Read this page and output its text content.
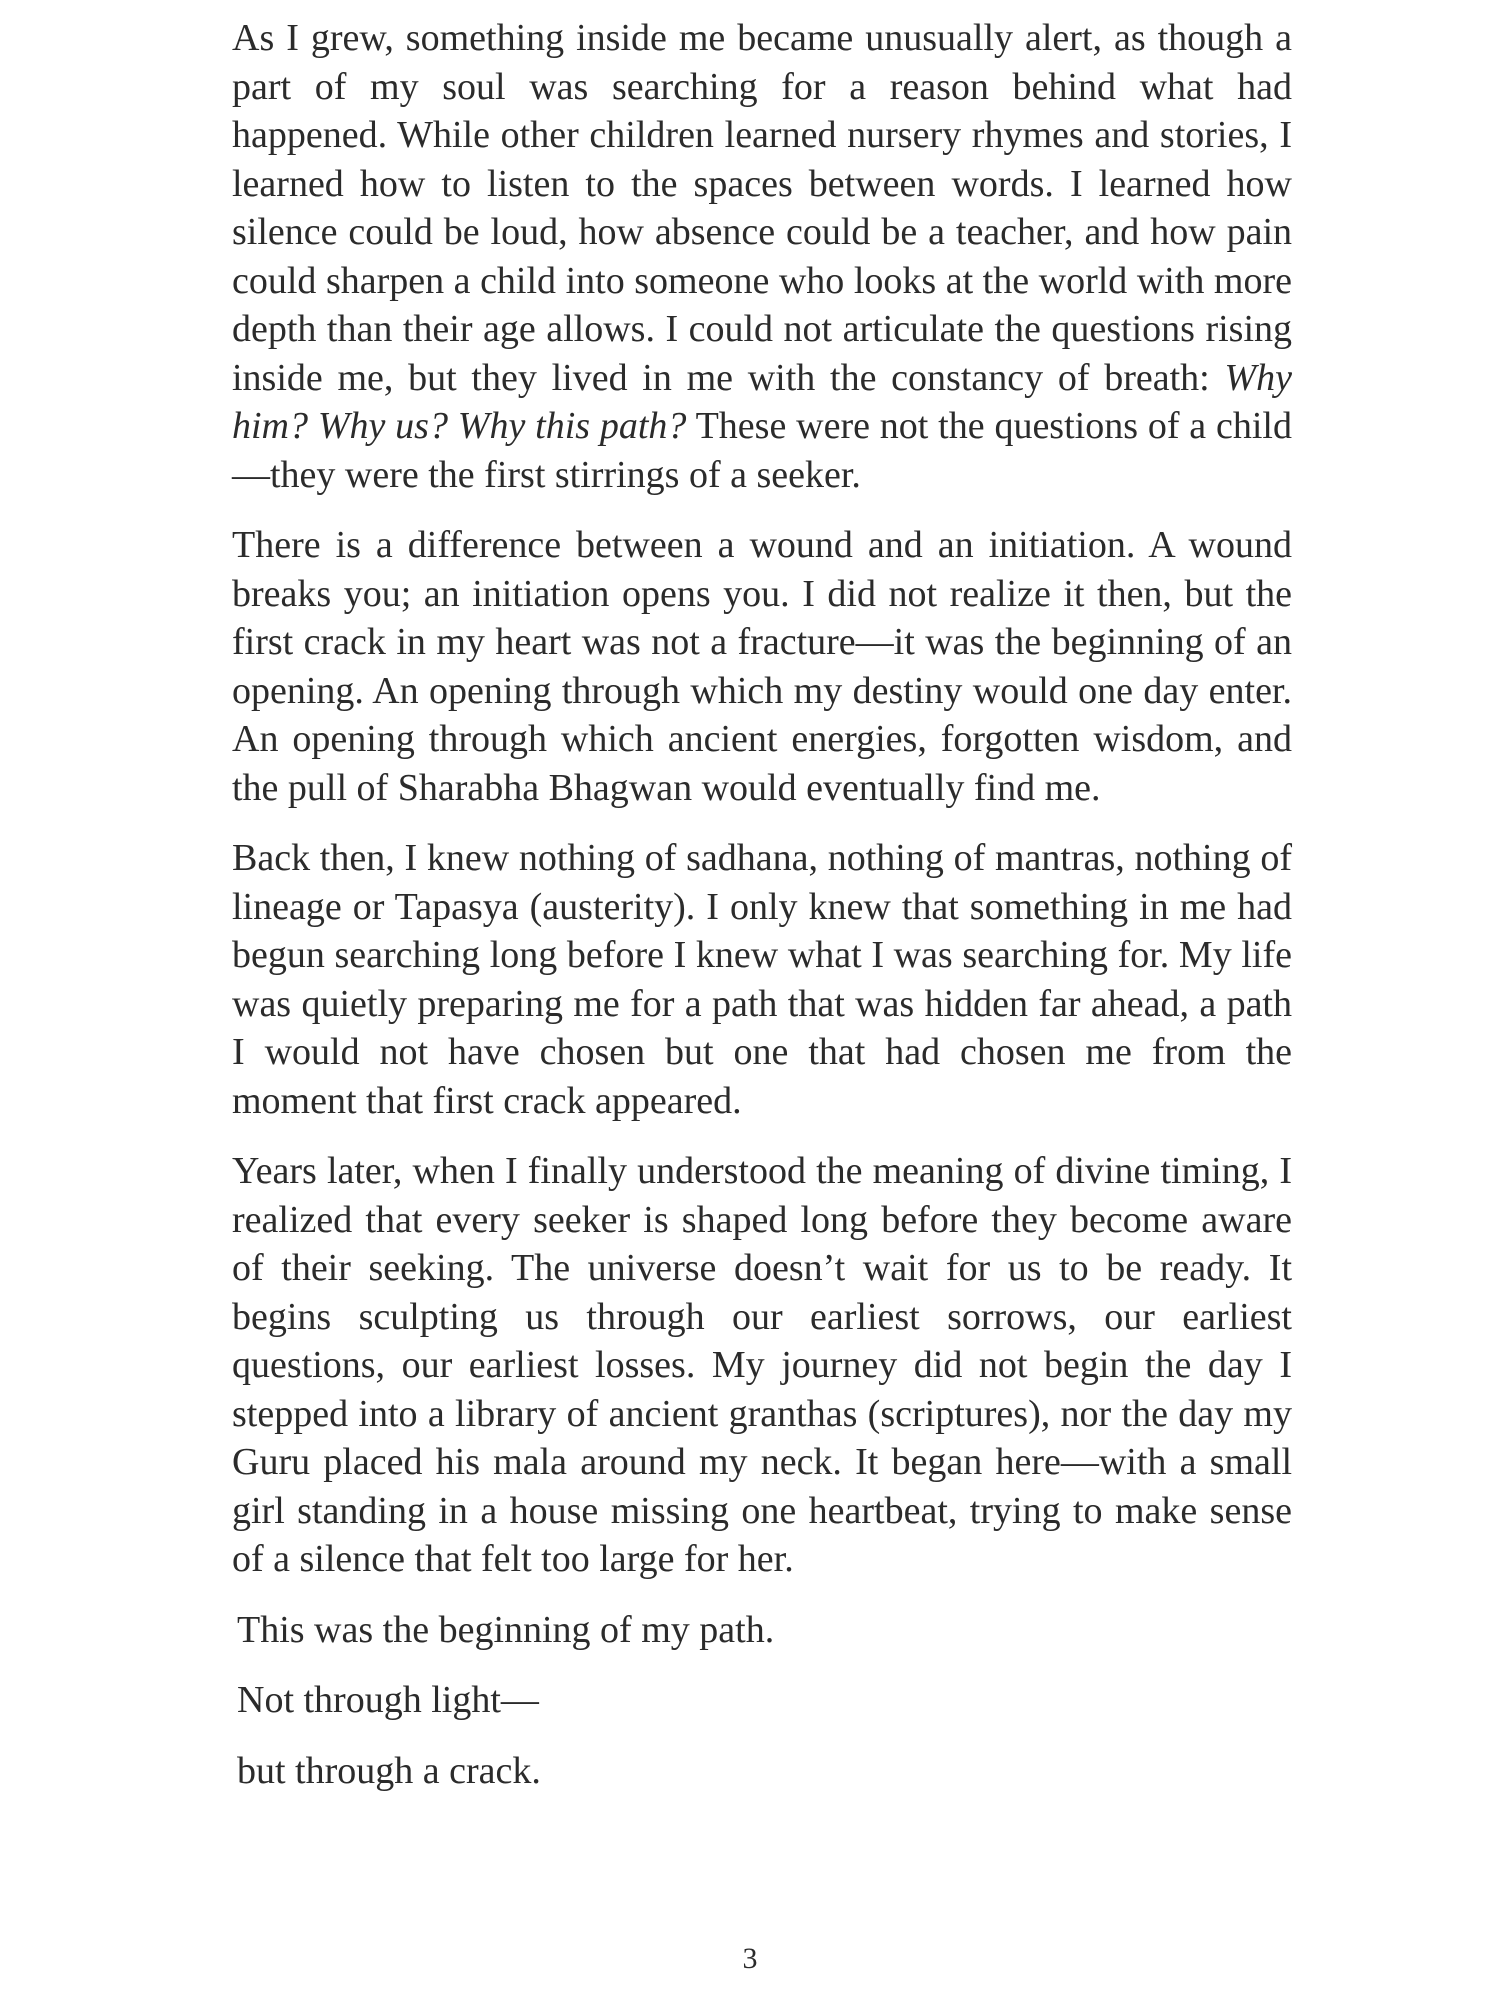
As I grew, something inside me became unusually alert, as though a part of my soul was searching for a reason behind what had happened. While other children learned nursery rhymes and stories, I learned how to listen to the spaces between words. I learned how silence could be loud, how absence could be a teacher, and how pain could sharpen a child into someone who looks at the world with more depth than their age allows. I could not articulate the questions rising inside me, but they lived in me with the constancy of breath: Why him? Why us? Why this path? These were not the questions of a child—they were the first stirrings of a seeker.

There is a difference between a wound and an initiation. A wound breaks you; an initiation opens you. I did not realize it then, but the first crack in my heart was not a fracture—it was the beginning of an opening. An opening through which my destiny would one day enter. An opening through which ancient energies, forgotten wisdom, and the pull of Sharabha Bhagwan would eventually find me.

Back then, I knew nothing of sadhana, nothing of mantras, nothing of lineage or Tapasya (austerity). I only knew that something in me had begun searching long before I knew what I was searching for. My life was quietly preparing me for a path that was hidden far ahead, a path I would not have chosen but one that had chosen me from the moment that first crack appeared.

Years later, when I finally understood the meaning of divine timing, I realized that every seeker is shaped long before they become aware of their seeking. The universe doesn’t wait for us to be ready. It begins sculpting us through our earliest sorrows, our earliest questions, our earliest losses. My journey did not begin the day I stepped into a library of ancient granthas (scriptures), nor the day my Guru placed his mala around my neck. It began here—with a small girl standing in a house missing one heartbeat, trying to make sense of a silence that felt too large for her.

This was the beginning of my path.

Not through light—

but through a crack.

3
